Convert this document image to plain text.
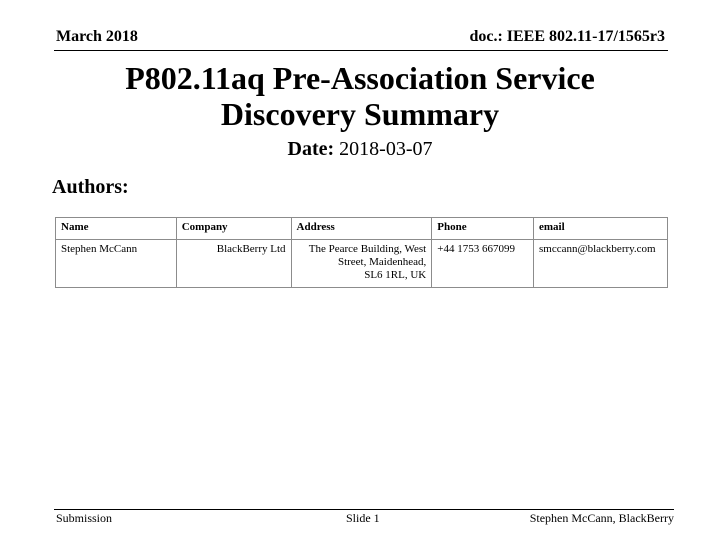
March 2018	doc.: IEEE 802.11-17/1565r3
P802.11aq Pre-Association Service
Discovery Summary
Date: 2018-03-07
Authors:
Name	Company	Address	Phone	email
Stephen McCann	BlackBerry Ltd	The Pearce Building, West
Street, Maidenhead,
SL6 1RL, UK	+44 1753 667099	smccann@blackberry.com
Submission	Slide 1	Stephen McCann, BlackBerry
